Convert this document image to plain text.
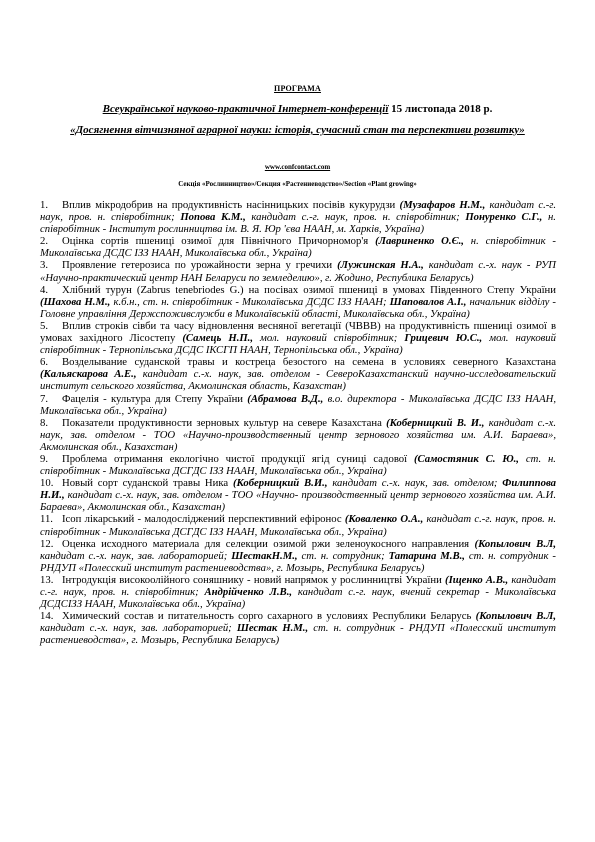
ПРОГРАМА
Всеукраїнської науково-практичної Інтернет-конференції 15 листопада 2018 р.
«Досягнення вітчизняної аграрної науки: історія, сучасний стан та перспективи розвитку»
www.confcontact.com
Секція «Рослинництво»/Секция «Растениеводство»/Section «Plant growing»

1. Вплив мікродобрив на продуктивність насінницьких посівів кукурудзи (Музафаров Н.М., кандидат с.-г. наук, пров. н. співробітник; Попова К.М., кандидат с.-г. наук, пров. н. співробітник; Понуренко С.Г., н. співробітник - Інститут рослинництва ім. В. Я. Юр 'єва НААН, м. Харків, Україна)

2. Оцінка сортів пшениці озимої для Північного Причорномор'я (Лавриненко О.Є., н. співробітник - Миколаївська ДСДС ІЗЗ НААН, Миколаївська обл., Україна)

3. Проявление гетерозиса по урожайности зерна у гречихи (Лужинская Н.А., кандидат с.-х. наук - РУП «Научно-практический центр НАН Беларуси по земледелию», г. Жодино, Республика Беларусь)

4. Хлібний турун (Zabrus tenebriodes G.) на посівах озимої пшениці в умовах Південного Степу України (Шахова Н.М., к.б.н., ст. н. співробітник - Миколаївська ДСДС ІЗЗ НААН; Шаповалов А.І., начальник відділу - Головне управління Держспоживслужби в Миколаївській області, Миколаївська обл., Україна)

5. Вплив строків сівби та часу відновлення весняної вегетації (ЧВВВ) на продуктивність пшениці озимої в умовах західного Лісостепу (Самець Н.П., мол. науковий співробітник; Грицевич Ю.С., мол. науковий співробітник - Тернопільська ДСДС ІКСГП НААН, Тернопільська обл., Україна)

6. Возделывание суданской травы и костреца безостого на семена в условиях северного Казахстана (Кальяскарова А.Е., кандидат с.-х. наук, зав. отделом - СевероКазахстанский научно-исследовательский институт сельского хозяйства, Акмолинская область, Казахстан)

7. Фацелія - культура для Степу України (Абрамова В.Д., в.о. директора - Миколаївська ДСДС ІЗЗ НААН, Миколаївська обл., Україна)

8. Показатели продуктивности зерновых культур на севере Казахстана (Коберницкий В. И., кандидат с.-х. наук, зав. отделом - ТОО «Научно-производственный центр зернового хозяйства им. А.И. Бараева», Акмолинская обл., Казахстан)

9. Проблема отримання екологічно чистої продукції ягід суниці садової (Самостяник С. Ю., ст. н. співробітник - Миколаївська ДСГДС ІЗЗ НААН, Миколаївська обл., Україна)

10. Новый сорт суданской травы Ника (Коберницкий В.И., кандидат с.-х. наук, зав. отделом; Филиппова Н.И., кандидат с.-х. наук, зав. отделом - ТОО «Научно- производственный центр зернового хозяйства им. А.И. Бараева», Акмолинская обл., Казахстан)

11. Ісоп лікарський - малодосліджений перспективний ефіронос (Коваленко О.А., кандидат с.-г. наук, пров. н. співробітник - Миколаївська ДСГДС ІЗЗ НААН, Миколаївська обл., Україна)

12. Оценка исходного материала для селекции озимой ржи зеленоукосного направления (Копылович В.Л, кандидат с.-х. наук, зав. лабораторией; ШестакН.М., ст. н. сотрудник; Татарина М.В., ст. н. сотрудник - РНДУП «Полесский институт растениеводства», г. Мозырь, Республика Беларусь)

13. Інтродукція високоолійного соняшнику - новий напрямок у рослинництві України (Іщенко А.В., кандидат с.-г. наук, пров. н. співробітник; Андрійченко Л.В., кандидат с.-г. наук, вчений секретар - Миколаївська ДСДСІЗЗ НААН, Миколаївська обл., Україна)

14. Химический состав и питательность сорго сахарного в условиях Республики Беларусь (Копылович В.Л, кандидат с.-х. наук, зав. лабораторией; Шестак Н.М., ст. н. сотрудник - РНДУП «Полесский институт растениеводства», г. Мозырь, Республика Беларусь)
